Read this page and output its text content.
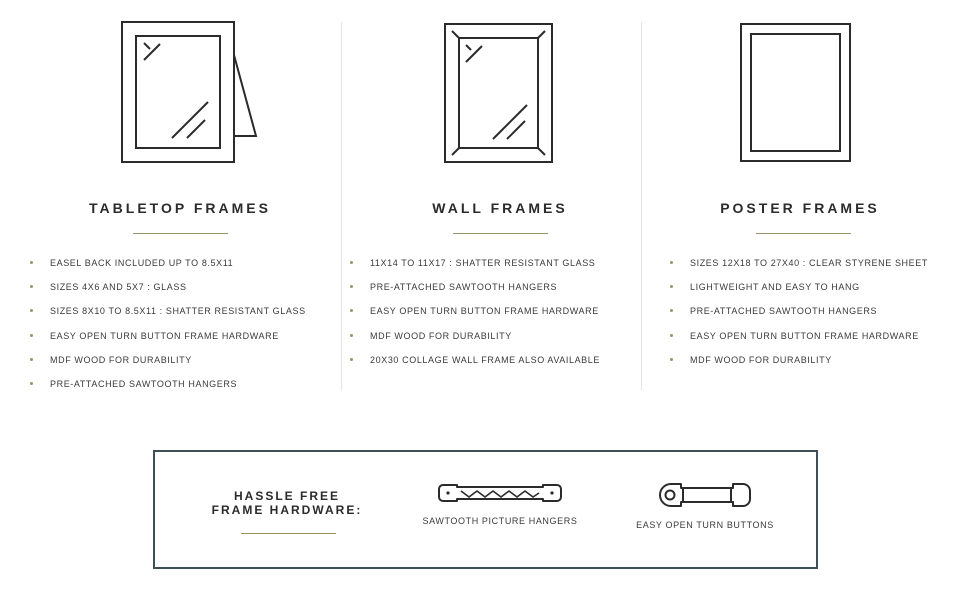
TABLETOP FRAMES
EASEL BACK INCLUDED UP TO 8.5X11
SIZES 4X6 AND 5X7 : GLASS
SIZES 8X10 TO 8.5X11 : SHATTER RESISTANT GLASS
EASY OPEN TURN BUTTON FRAME HARDWARE
MDF WOOD FOR DURABILITY
PRE-ATTACHED SAWTOOTH HANGERS
WALL FRAMES
11X14 TO 11X17 : SHATTER RESISTANT GLASS
PRE-ATTACHED SAWTOOTH HANGERS
EASY OPEN TURN BUTTON FRAME HARDWARE
MDF WOOD FOR DURABILITY
20X30 COLLAGE WALL FRAME ALSO AVAILABLE
POSTER FRAMES
SIZES 12X18 TO 27X40 : CLEAR STYRENE SHEET
LIGHTWEIGHT AND EASY TO HANG
PRE-ATTACHED SAWTOOTH HANGERS
EASY OPEN TURN BUTTON FRAME HARDWARE
MDF WOOD FOR DURABILITY
HASSLE FREE
FRAME HARDWARE:
SAWTOOTH PICTURE HANGERS	EASY OPEN TURN BUTTONS
